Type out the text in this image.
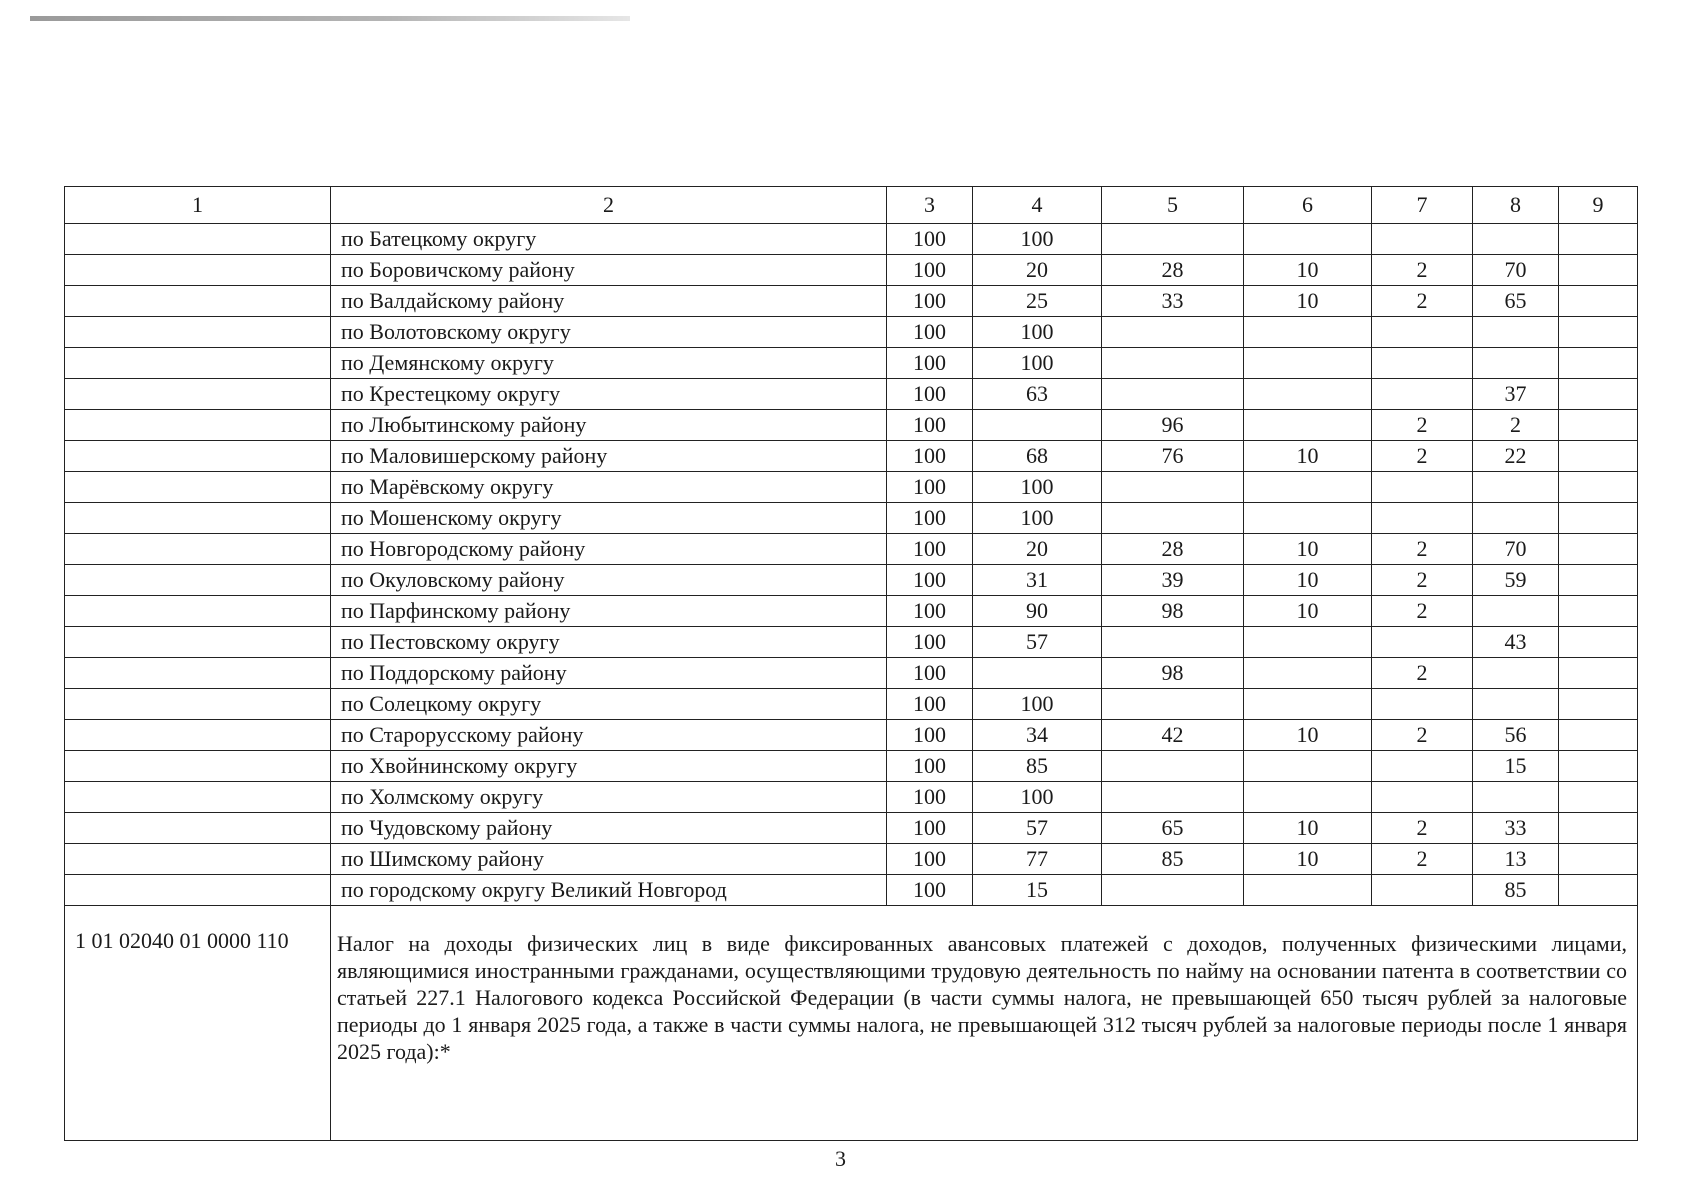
1	2	3	4	5	6	7	8	9
	по Батецкому округу	100	100					
	по Боровичскому району	100	20	28	10	2	70	
	по Валдайскому району	100	25	33	10	2	65	
	по Волотовскому округу	100	100					
	по Демянскому округу	100	100					
	по Крестецкому округу	100	63				37	
	по Любытинскому району	100		96		2	2	
	по Маловишерскому району	100	68	76	10	2	22	
	по Марёвскому округу	100	100					
	по Мошенскому округу	100	100					
	по Новгородскому району	100	20	28	10	2	70	
	по Окуловскому району	100	31	39	10	2	59	
	по Парфинскому району	100	90	98	10	2		
	по Пестовскому округу	100	57				43	
	по Поддорскому району	100		98		2		
	по Солецкому округу	100	100					
	по Старорусскому району	100	34	42	10	2	56	
	по Хвойнинскому округу	100	85				15	
	по Холмскому округу	100	100					
	по Чудовскому району	100	57	65	10	2	33	
	по Шимскому району	100	77	85	10	2	13	
	по городскому округу Великий Новгород	100	15				85	
1 01 02040 01 0000 110	Налог на доходы физических лиц в виде фиксированных авансовых платежей с доходов, полученных физическими лицами, являющимися иностранными гражданами, осуществляющими трудовую деятельность по найму на основании патента в соответствии со статьей 227.1 Налогового кодекса Российской Федерации (в части суммы налога, не превышающей 650 тысяч рублей за налоговые периоды до 1 января 2025 года, а также в части суммы налога, не превышающей 312 тысяч рублей за налоговые периоды после 1 января 2025 года):*							
3
